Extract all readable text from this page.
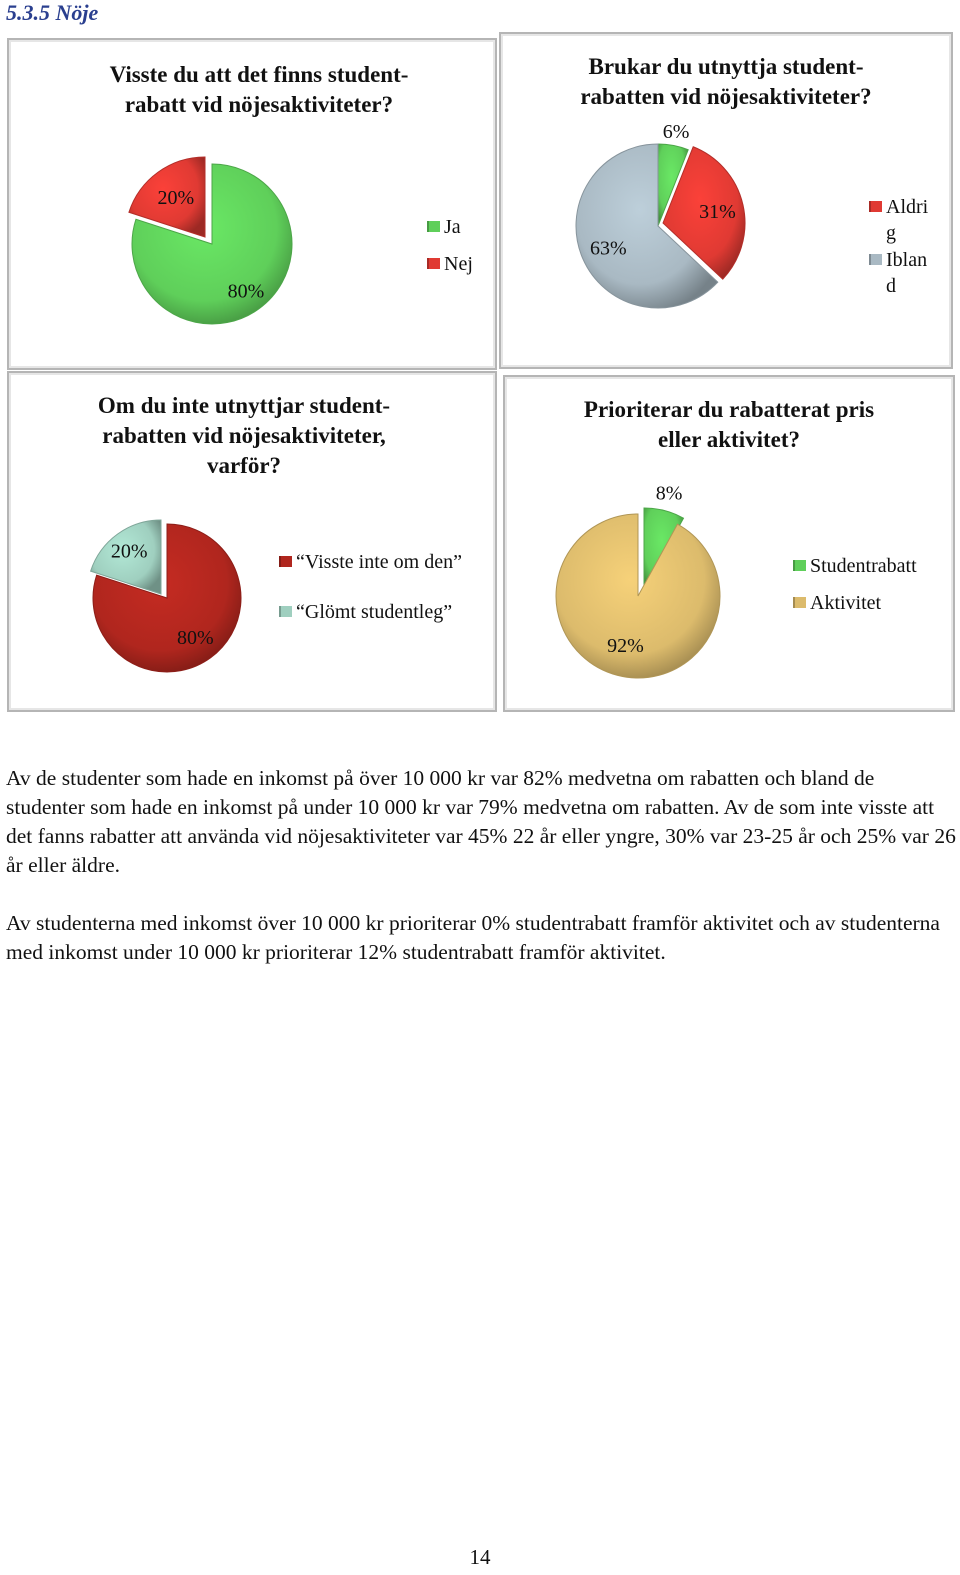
5.3.5 Nöje
Visste du att det finns student-
rabatt vid nöjesaktiviteter?
80%
20%
Ja
Nej
Brukar du utnyttja student-
rabatten vid nöjesaktiviteter?
6%
31%
63%
Aldri
g
Iblan
d
Om du inte utnyttjar student-
rabatten vid nöjesaktiviteter,
varför?
80%
20%	“Visste inte om den”
“Glömt studentleg”
Prioriterar du rabatterat pris
eller aktivitet?
8%
92%
Studentrabatt
Aktivitet
Av de studenter som hade en inkomst på över 10 000 kr var 82% medvetna om rabatten och bland de studenter som hade en inkomst på under 10 000 kr var 79% medvetna om rabatten. Av de som inte visste att det fanns rabatter att använda vid nöjesaktiviteter var 45% 22 år eller yngre, 30% var 23-25 år och 25% var 26 år eller äldre.
Av studenterna med inkomst över 10 000 kr prioriterar 0% studentrabatt framför aktivitet och av studenterna med inkomst under 10 000 kr prioriterar 12% studentrabatt framför aktivitet.
14
